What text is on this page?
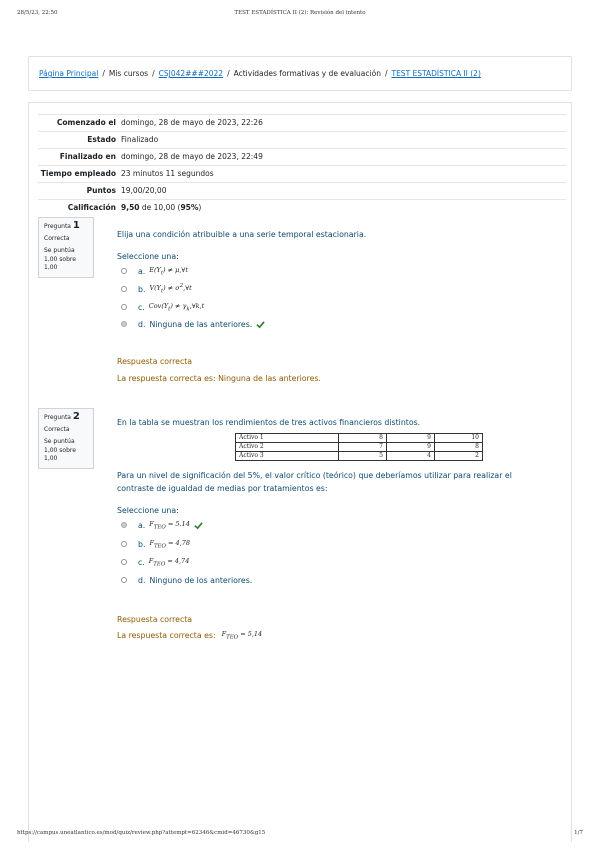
28/5/23, 22:50	TEST ESTADÍSTICA II (2): Revisión del intento
Página Principal / Mis cursos / CSJ042###2022 / Actividades formativas y de evaluación / TEST ESTADÍSTICA II (2)
Comenzado el domingo, 28 de mayo de 2023, 22:26
Estado Finalizado
Finalizado en domingo, 28 de mayo de 2023, 22:49
Tiempo empleado 23 minutos 11 segundos
Puntos 19,00/20,00
Calificación 9,50 de 10,00 (95%)
Pregunta 1
Correcta
Se puntúa 1,00 sobre 1,00
Elija una condición atribuible a una serie temporal estacionaria.
Seleccione una:
a. $E(Y_t)$ ≠ μ,∀t
b. $V(Y_t)$ ≠ $\sigma^2,\forall t$
c. $Cov(Y_t)$ ≠ $\gamma_k,\forall k,t$
d. Ninguna de las anteriores.
Respuesta correcta
La respuesta correcta es: Ninguna de las anteriores.
Pregunta 2
Correcta
Se puntúa 1,00 sobre 1,00
En la tabla se muestran los rendimientos de tres activos financieros distintos.
Activo 1	8	9	10
Activo 2	7	9	8
Activo 3	5	4	2
Para un nivel de significación del 5%, el valor crítico (teórico) que deberíamos utilizar para realizar el contraste de igualdad de medias por tratamientos es:
Seleccione una:
a. $F_{TEO} = 5.14$
b. $F_{TEO} = 4,78$
c. $F_{TEO} = 4,74$
d. Ninguno de los anteriores.
Respuesta correcta
La respuesta correcta es: $F_{TEO} = 5,14$
https://campus.uneatlantico.es/mod/quiz/review.php?attempt=62346&cmid=46730&g15	1/7
